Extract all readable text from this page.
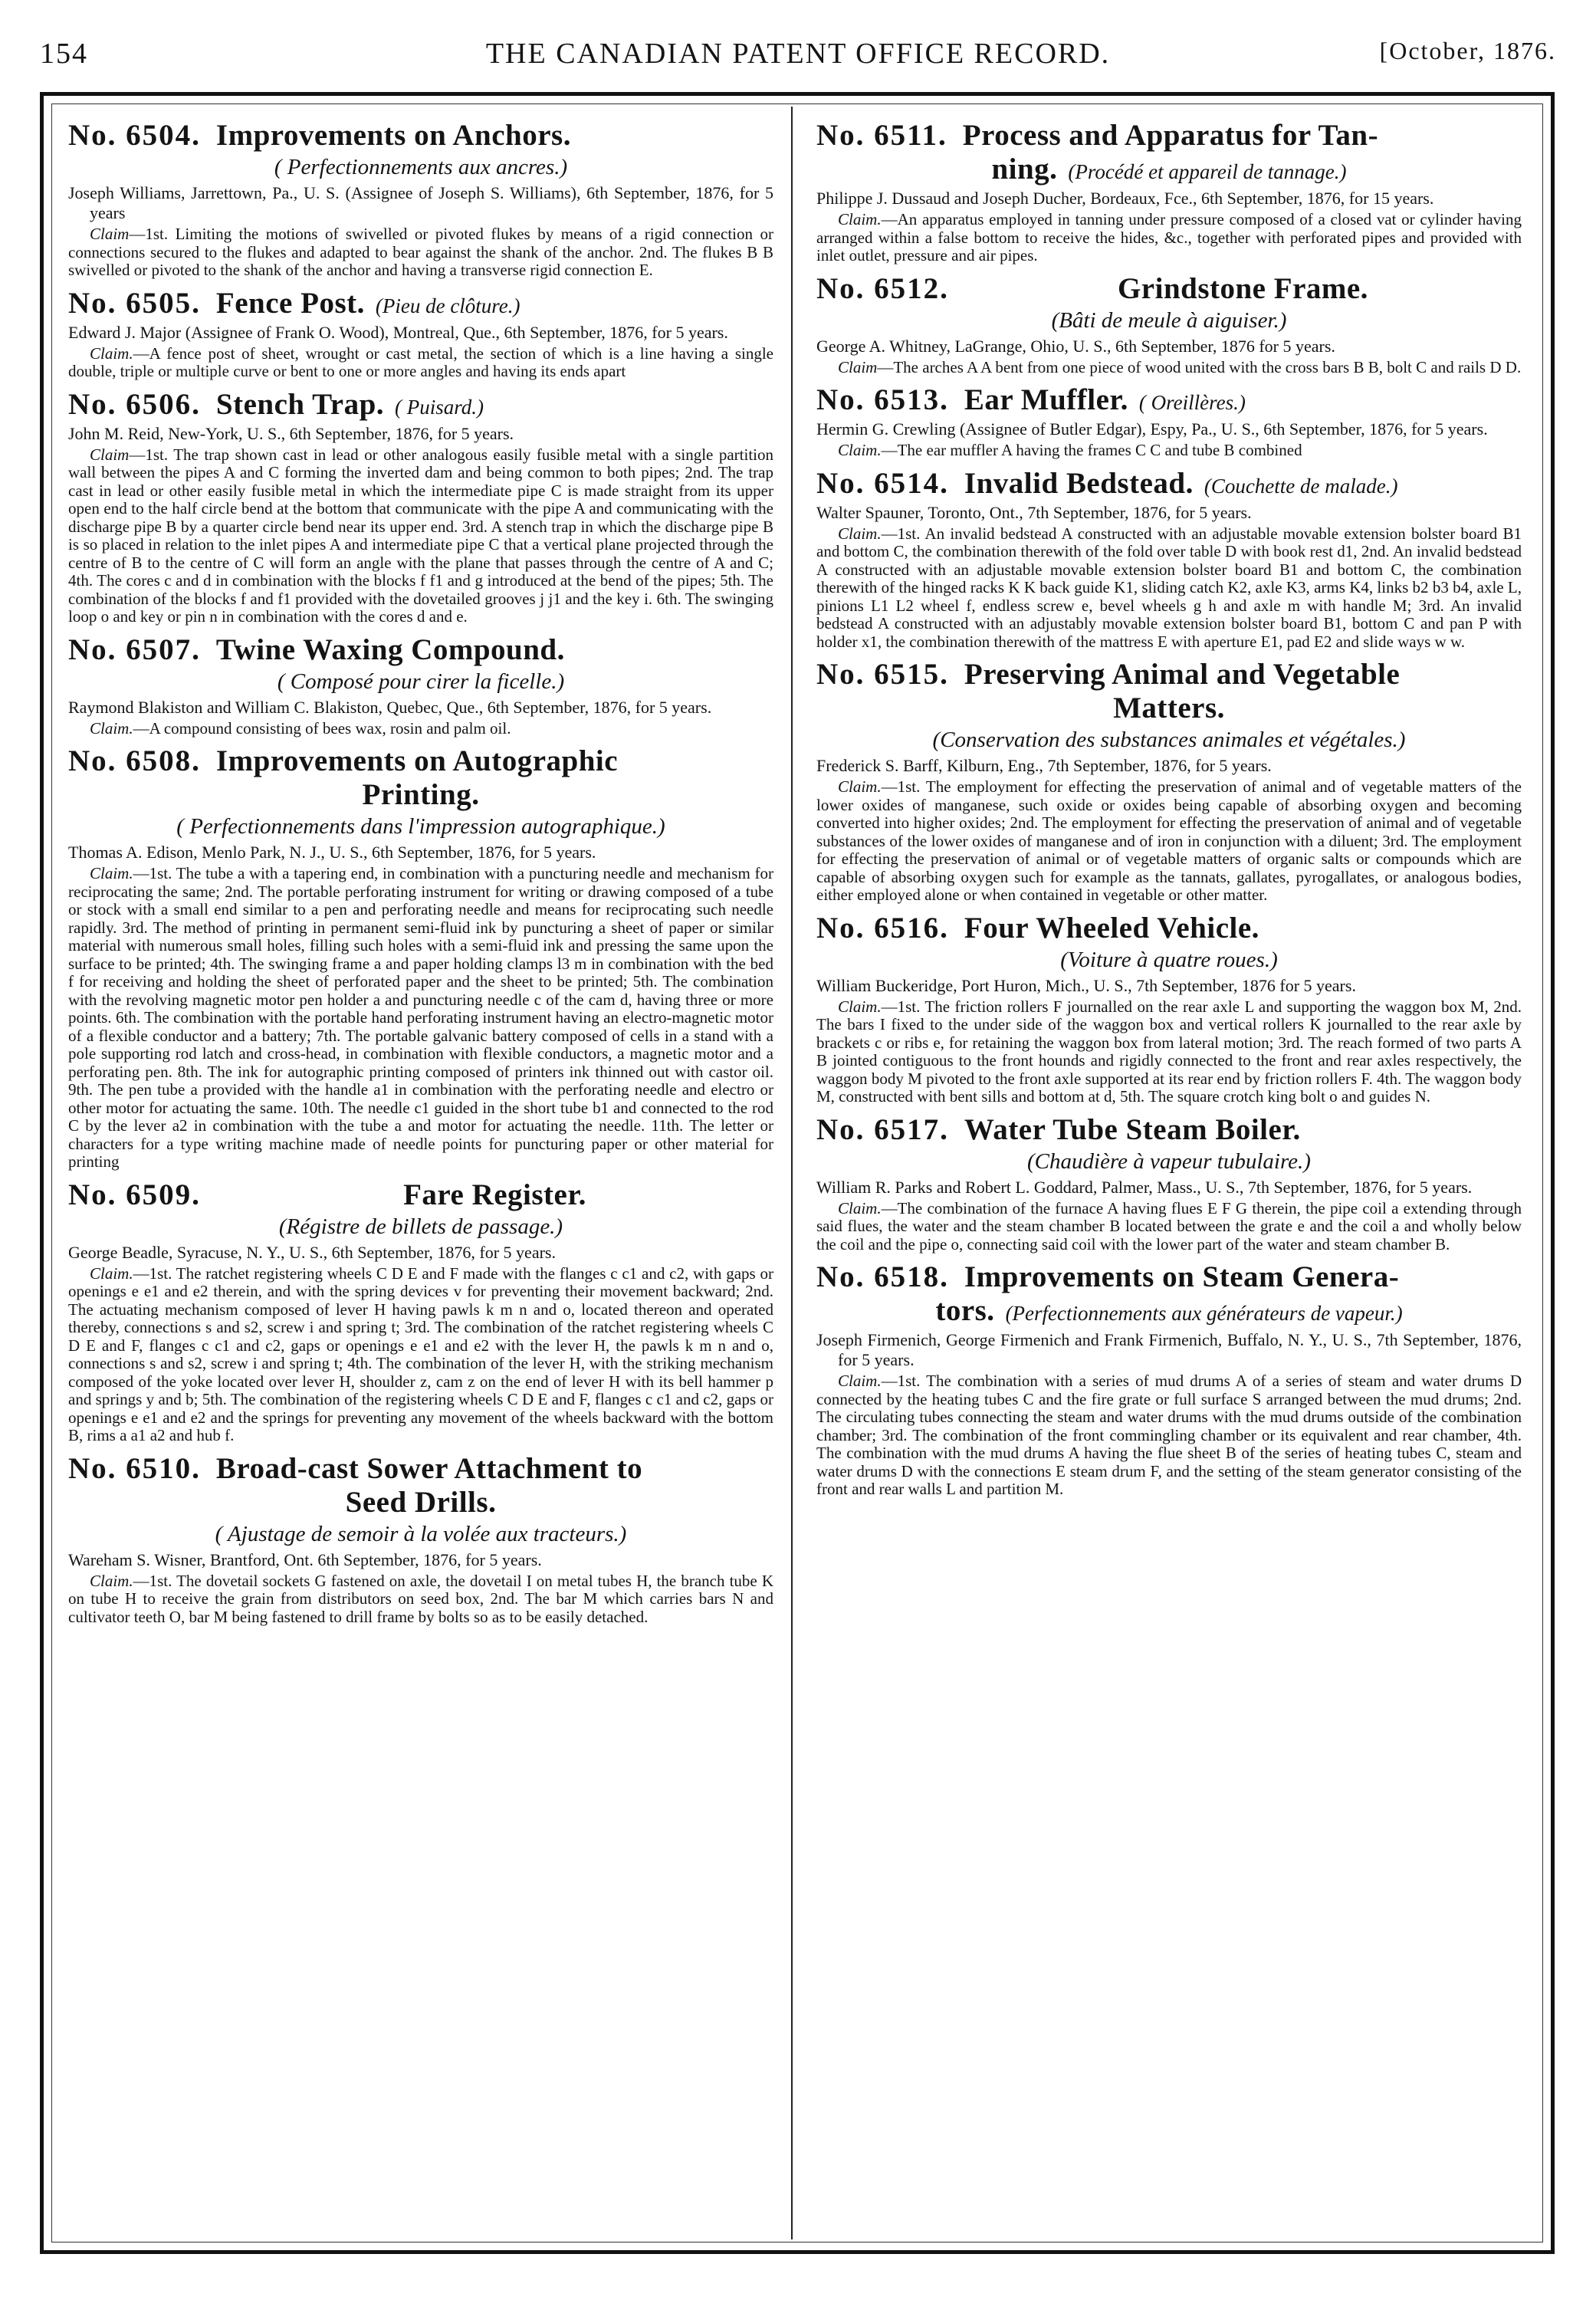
154	THE CANADIAN PATENT OFFICE RECORD.	[October, 1876.
No. 6504. Improvements on Anchors.
( Perfectionnements aux ancres.)

Joseph Williams, Jarrettown, Pa., U. S. (Assignee of Joseph S. Williams), 6th September, 1876, for 5 years

Claim—1st. Limiting the motions of swivelled or pivoted flukes by means of a rigid connection or connections secured to the flukes and adapted to bear against the shank of the anchor. 2nd. The flukes B B swivelled or pivoted to the shank of the anchor and having a transverse rigid connection E.

No. 6505. Fence Post. (Pieu de clôture.)

Edward J. Major (Assignee of Frank O. Wood), Montreal, Que., 6th September, 1876, for 5 years.

Claim.—A fence post of sheet, wrought or cast metal, the section of which is a line having a single double, triple or multiple curve or bent to one or more angles and having its ends apart

No. 6506. Stench Trap. ( Puisard.)

John M. Reid, New-York, U. S., 6th September, 1876, for 5 years.

Claim—1st. The trap shown cast in lead or other analogous easily fusible metal with a single partition wall between the pipes A and C forming the inverted dam and being common to both pipes; 2nd. The trap cast in lead or other easily fusible metal in which the intermediate pipe C is made straight from its upper open end to the half circle bend at the bottom that communicate with the pipe A and communicating with the discharge pipe B by a quarter circle bend near its upper end. 3rd. A stench trap in which the discharge pipe B is so placed in relation to the inlet pipes A and intermediate pipe C that a vertical plane projected through the centre of B to the centre of C will form an angle with the plane that passes through the centre of A and C; 4th. The cores c and d in combination with the blocks f f1 and g introduced at the bend of the pipes; 5th. The combination of the blocks f and f1 provided with the dovetailed grooves j j1 and the key i. 6th. The swinging loop o and key or pin n in combination with the cores d and e.

No. 6507. Twine Waxing Compound.
( Composé pour cirer la ficelle.)

Raymond Blakiston and William C. Blakiston, Quebec, Que., 6th September, 1876, for 5 years.

Claim.—A compound consisting of bees wax, rosin and palm oil.

No. 6508. Improvements on Autographic
Printing.
( Perfectionnements dans l'impression autographique.)

Thomas A. Edison, Menlo Park, N. J., U. S., 6th September, 1876, for 5 years.

Claim.—1st. The tube a with a tapering end, in combination with a puncturing needle and mechanism for reciprocating the same; 2nd. The portable perforating instrument for writing or drawing composed of a tube or stock with a small end similar to a pen and perforating needle and means for reciprocating such needle rapidly. 3rd. The method of printing in permanent semi-fluid ink by puncturing a sheet of paper or similar material with numerous small holes, filling such holes with a semi-fluid ink and pressing the same upon the surface to be printed; 4th. The swinging frame a and paper holding clamps l3 m in combination with the bed f for receiving and holding the sheet of perforated paper and the sheet to be printed; 5th. The combination with the revolving magnetic motor pen holder a and puncturing needle c of the cam d, having three or more points. 6th. The combination with the portable hand perforating instrument having an electro-magnetic motor of a flexible conductor and a battery; 7th. The portable galvanic battery composed of cells in a stand with a pole supporting rod latch and cross-head, in combination with flexible conductors, a magnetic motor and a perforating pen. 8th. The ink for autographic printing composed of printers ink thinned out with castor oil. 9th. The pen tube a provided with the handle a1 in combination with the perforating needle and electro or other motor for actuating the same. 10th. The needle c1 guided in the short tube b1 and connected to the rod C by the lever a2 in combination with the tube a and motor for actuating the needle. 11th. The letter or characters for a type writing machine made of needle points for puncturing paper or other material for printing

No. 6509.	Fare Register.
(Régistre de billets de passage.)

George Beadle, Syracuse, N. Y., U. S., 6th September, 1876, for 5 years.

Claim.—1st. The ratchet registering wheels C D E and F made with the flanges c c1 and c2, with gaps or openings e e1 and e2 therein, and with the spring devices v for preventing their movement backward; 2nd. The actuating mechanism composed of lever H having pawls k m n and o, located thereon and operated thereby, connections s and s2, screw i and spring t; 3rd. The combination of the ratchet registering wheels C D E and F, flanges c c1 and c2, gaps or openings e e1 and e2 with the lever H, the pawls k m n and o, connections s and s2, screw i and spring t; 4th. The combination of the lever H, with the striking mechanism composed of the yoke located over lever H, shoulder z, cam z on the end of lever H with its bell hammer p and springs y and b; 5th. The combination of the registering wheels C D E and F, flanges c c1 and c2, gaps or openings e e1 and e2 and the springs for preventing any movement of the wheels backward with the bottom B, rims a a1 a2 and hub f.

No. 6510. Broad-cast Sower Attachment to
Seed Drills.
( Ajustage de semoir à la volée aux tracteurs.)

Wareham S. Wisner, Brantford, Ont. 6th September, 1876, for 5 years.

Claim.—1st. The dovetail sockets G fastened on axle, the dovetail I on metal tubes H, the branch tube K on tube H to receive the grain from distributors on seed box, 2nd. The bar M which carries bars N and cultivator teeth O, bar M being fastened to drill frame by bolts so as to be easily detached.

No. 6511. Process and Apparatus for Tan-
ning. (Procédé et appareil de tannage.)

Philippe J. Dussaud and Joseph Ducher, Bordeaux, Fce., 6th September, 1876, for 15 years.

Claim.—An apparatus employed in tanning under pressure composed of a closed vat or cylinder having arranged within a false bottom to receive the hides, &c., together with perforated pipes and provided with inlet outlet, pressure and air pipes.

No. 6512.	Grindstone Frame.
(Bâti de meule à aiguiser.)

George A. Whitney, LaGrange, Ohio, U. S., 6th September, 1876 for 5 years.

Claim—The arches A A bent from one piece of wood united with the cross bars B B, bolt C and rails D D.

No. 6513. Ear Muffler. ( Oreillères.)

Hermin G. Crewling (Assignee of Butler Edgar), Espy, Pa., U. S., 6th September, 1876, for 5 years.

Claim.—The ear muffler A having the frames C C and tube B combined

No. 6514. Invalid Bedstead. (Couchette de malade.)

Walter Spauner, Toronto, Ont., 7th September, 1876, for 5 years.

Claim.—1st. An invalid bedstead A constructed with an adjustable movable extension bolster board B1 and bottom C, the combination therewith of the fold over table D with book rest d1, 2nd. An invalid bedstead A constructed with an adjustable movable extension bolster board B1 and bottom C, the combination therewith of the hinged racks K K back guide K1, sliding catch K2, axle K3, arms K4, links b2 b3 b4, axle L, pinions L1 L2 wheel f, endless screw e, bevel wheels g h and axle m with handle M; 3rd. An invalid bedstead A constructed with an adjustably movable extension bolster board B1, bottom C and pan P with holder x1, the combination therewith of the mattress E with aperture E1, pad E2 and slide ways w w.

No. 6515. Preserving Animal and Vegetable
Matters.
(Conservation des substances animales et végétales.)

Frederick S. Barff, Kilburn, Eng., 7th September, 1876, for 5 years.

Claim.—1st. The employment for effecting the preservation of animal and of vegetable matters of the lower oxides of manganese, such oxide or oxides being capable of absorbing oxygen and becoming converted into higher oxides; 2nd. The employment for effecting the preservation of animal and of vegetable substances of the lower oxides of manganese and of iron in conjunction with a diluent; 3rd. The employment for effecting the preservation of animal or of vegetable matters of organic salts or compounds which are capable of absorbing oxygen such for example as the tannats, gallates, pyrogallates, or analogous bodies, either employed alone or when contained in vegetable or other matter.

No. 6516. Four Wheeled Vehicle.
(Voiture à quatre roues.)

William Buckeridge, Port Huron, Mich., U. S., 7th September, 1876 for 5 years.

Claim.—1st. The friction rollers F journalled on the rear axle L and supporting the waggon box M, 2nd. The bars I fixed to the under side of the waggon box and vertical rollers K journalled to the rear axle by brackets c or ribs e, for retaining the waggon box from lateral motion; 3rd. The reach formed of two parts A B jointed contiguous to the front hounds and rigidly connected to the front and rear axles respectively, the waggon body M pivoted to the front axle supported at its rear end by friction rollers F. 4th. The waggon body M, constructed with bent sills and bottom at d, 5th. The square crotch king bolt o and guides N.

No. 6517. Water Tube Steam Boiler.
(Chaudière à vapeur tubulaire.)

William R. Parks and Robert L. Goddard, Palmer, Mass., U. S., 7th September, 1876, for 5 years.

Claim.—The combination of the furnace A having flues E F G therein, the pipe coil a extending through said flues, the water and the steam chamber B located between the grate e and the coil a and wholly below the coil and the pipe o, connecting said coil with the lower part of the water and steam chamber B.

No. 6518. Improvements on Steam Genera-
tors. (Perfectionnements aux générateurs de vapeur.)

Joseph Firmenich, George Firmenich and Frank Firmenich, Buffalo, N. Y., U. S., 7th September, 1876, for 5 years.

Claim.—1st. The combination with a series of mud drums A of a series of steam and water drums D connected by the heating tubes C and the fire grate or full surface S arranged between the mud drums; 2nd. The circulating tubes connecting the steam and water drums with the mud drums outside of the combination chamber; 3rd. The combination of the front commingling chamber or its equivalent and rear chamber, 4th. The combination with the mud drums A having the flue sheet B of the series of heating tubes C, steam and water drums D with the connections E steam drum F, and the setting of the steam generator consisting of the front and rear walls L and partition M.
